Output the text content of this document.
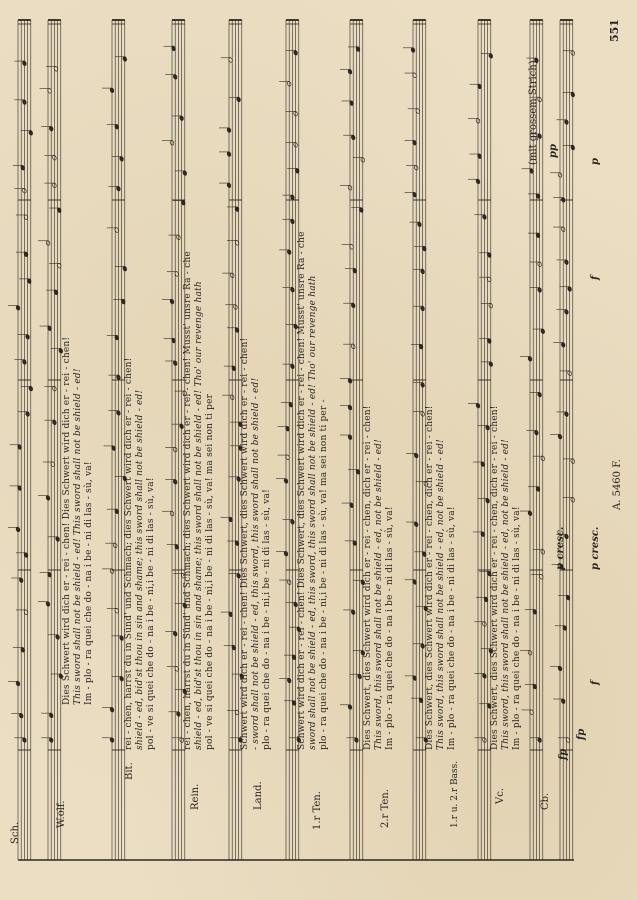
551
A. 5460 F.
(mit grossem Strich)
Sch.
W.olf.
Bit.
Rein.	Land.	1.r Ten.	2.r Ten.	1.r u. 2.r Bass.	Vc.	Cb.
Dies Schwert wird dich er - rei - chen! Dies Schwert wird dich er - rei - chen! This sword shall not be shield - ed! This sword shall not be shield - ed! Im - plo - ra quei che do - na i be - ni di las - sù, va!	rei - chen, harrst du in Sünd' und Schmach; dies Schwert wird dich er - rei - chen! shield - ed, bid'st thou in sin and shame; this sword shall not be shield - ed! pol - ve si quei che do - na i be - ni,i be - ni di las - sù, va!	rei - chen, harrst du in Sünd' und Schmach; dies Schwert wird dich er - rei - chen! Musst' unsre Ra - che shield - ed, bid'st thou in sin and shame; this sword shall not be shield - ed! Tho' our revenge hath pol - ve si quei che do - na i be - ni,i be - ni di las - sù, va! ma sei non ti per	Schwert wird dich er - rei - chen! Dies Schwert, dies Schwert wird dich er - rei - chen! - sword shall not be shield - ed, this sword, this sword shall not be shield - ed! plo - ra quei che do - na i be - ni,i be - ni di las - sù, va!	Schwert wird dich er - rei - chen! Dies Schwert, dies Schwert wird dich er - rei - chen! Musst' unsre Ra - che sword shall not be shield - ed, this sword, this sword shall not be shield - ed! Tho' our revenge hath plo - ra quei che do - na i be - ni,i be - ni di las - sù, va! ma sei non ti per -	Dies Schwert, dies Schwert wird dich er - rei - chen, dich er - rei - chen! This sword, this sword shall not be shield - ed, not be shield - ed! Im - plo - ra quei che do - na i be - ni di las - sù, va!	Dies Schwert, dies Schwert wird dich er - rei - chen, dich er - rei - chen! This sword, this sword shall not be shield - ed, not be shield - ed! Im - plo - ra quei che do - na i be - ni di las - sù, va!	Dies Schwert, dies Schwert wird dich er - rei - chen, dich er - rei - chen! This sword, this sword shall not be shield - ed, not be shield - ed! Im - plo - ra quei che do - na i be - ni di las - sù, va!
fp
fp
f
p cresc.
p cresc.
f
p
pp
